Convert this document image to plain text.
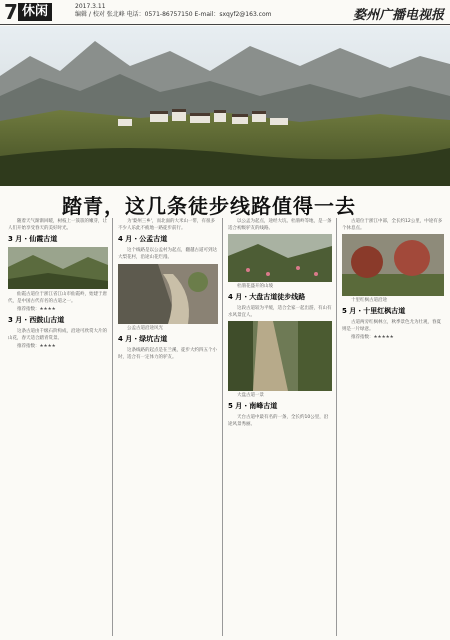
7 休闲	2017.3.11
编辑 / 校对 张北峰 电话：0571-86757150 E-mail：sxqyf2@163.com	婺州广播电视报
踏青，这几条徒步线路值得一去

随着天气渐渐回暖，树枝上一簇簇的嫩芽，让人们开始享受春天的美好时光。

3 月・仙霞古道

仙霞古道位于浙江省江山市仙霞岭，始建于唐代，是中国古代有名的古道之一。

推荐指数：★★★★

3 月・西鼓山古道

这条古道由千级石阶构成，沿途可欣赏大片的山花，春天适合踏青赏景。

推荐指数：★★★★

为'婺州三乡'，而北面的大米山一带，有很多不少人乐此不疲地一路徒步前行。

4 月・公孟古道

这个线路是以公孟村为起点，翻越古道可到达大梨花村，沿途山花烂漫。

公孟古道沿途风光

4 月・绿坑古道

这条线路的起点是在兰溪，徒步大约四五个小时，适合有一定体力的驴友。

以公孟为起点，途经大坑、杜鹃岭等地，是一条适合初级驴友的线路。

杜鹃花盛开的山坡

4 月・大盘古道徒步线路

这段古道较为平缓，适合全家一起出游，有山有水风景宜人。

大盘古道一景

5 月・南峰古道

天台古道中最有名的一条，全长约10公里，沿途风景秀丽。

古道位于浙江中部，全长约12公里，中途有多个休息点。

十里红枫古道沿途

5 月・十里红枫古道

古道两旁红枫林立，秋季景色尤为壮观，春夏则是一片绿意。

推荐指数：★★★★★
